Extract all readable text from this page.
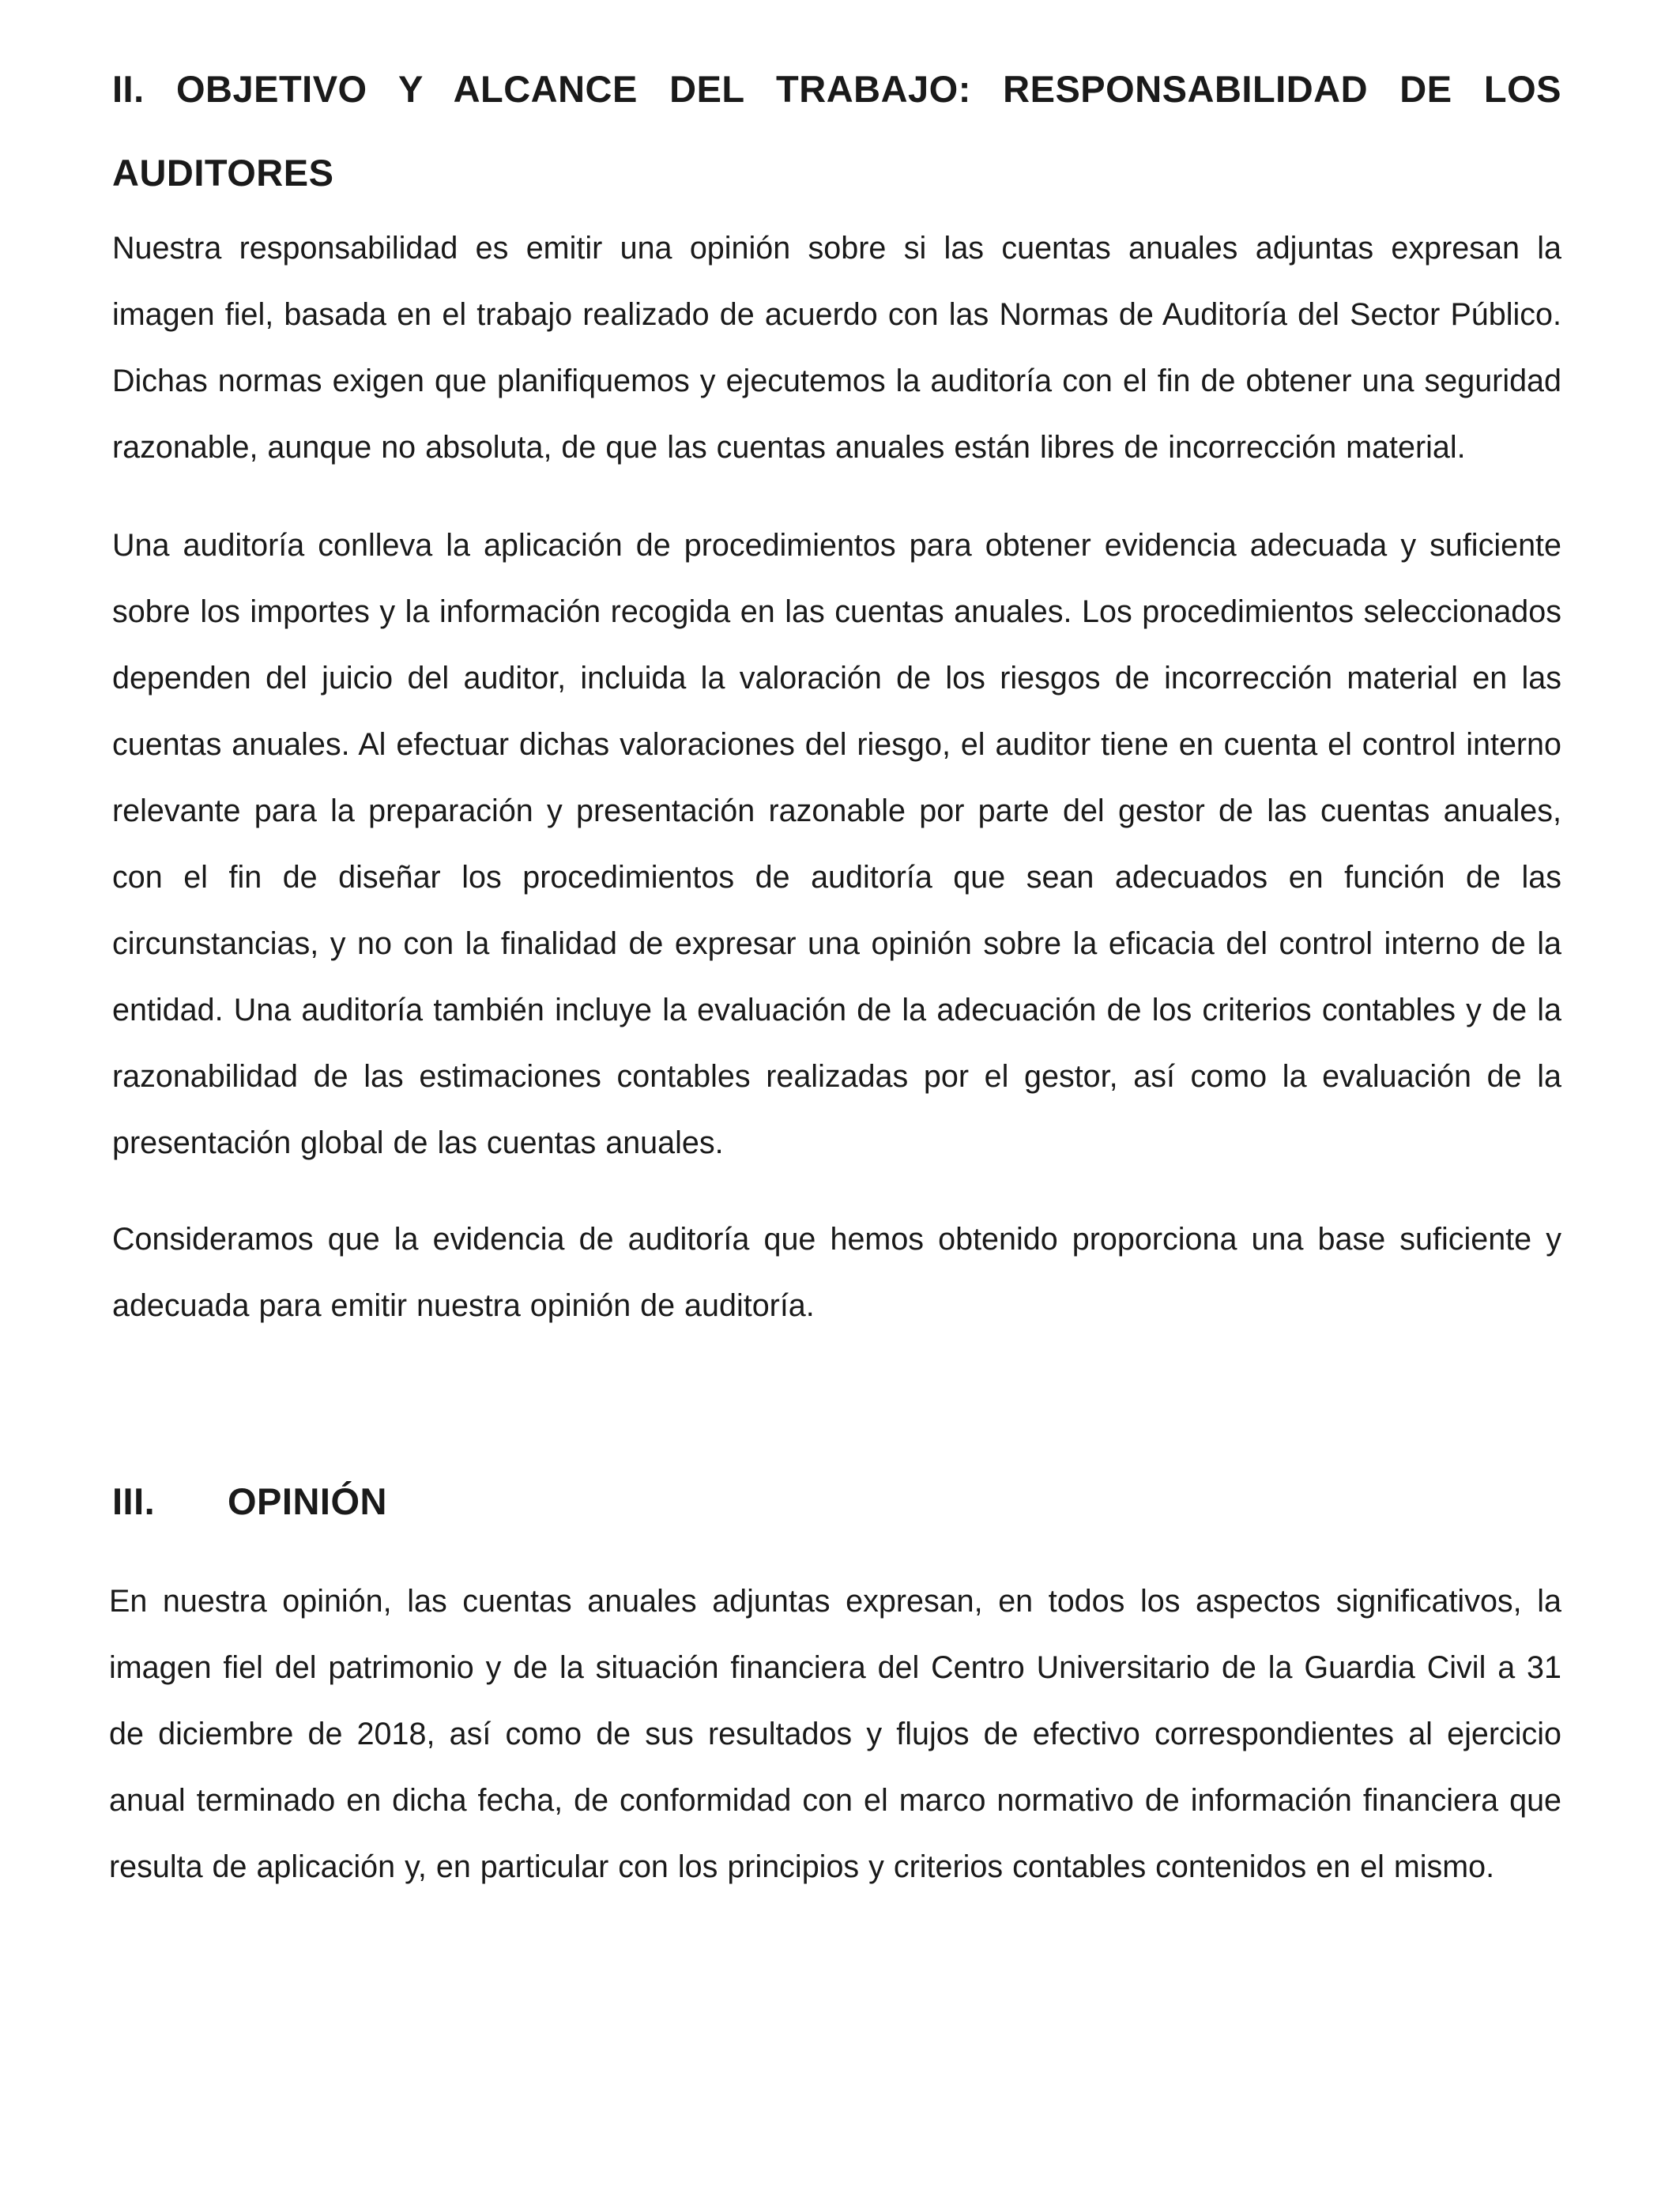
II. OBJETIVO Y ALCANCE DEL TRABAJO: RESPONSABILIDAD DE LOS AUDITORES

Nuestra responsabilidad es emitir una opinión sobre si las cuentas anuales adjuntas expresan la imagen fiel, basada en el trabajo realizado de acuerdo con las Normas de Auditoría del Sector Público. Dichas normas exigen que planifiquemos y ejecutemos la auditoría con el fin de obtener una seguridad razonable, aunque no absoluta, de que las cuentas anuales están libres de incorrección material.

Una auditoría conlleva la aplicación de procedimientos para obtener evidencia adecuada y suficiente sobre los importes y la información recogida en las cuentas anuales. Los procedimientos seleccionados dependen del juicio del auditor, incluida la valoración de los riesgos de incorrección material en las cuentas anuales. Al efectuar dichas valoraciones del riesgo, el auditor tiene en cuenta el control interno relevante para la preparación y presentación razonable por parte del gestor de las cuentas anuales, con el fin de diseñar los procedimientos de auditoría que sean adecuados en función de las circunstancias, y no con la finalidad de expresar una opinión sobre la eficacia del control interno de la entidad. Una auditoría también incluye la evaluación de la adecuación de los criterios contables y de la razonabilidad de las estimaciones contables realizadas por el gestor, así como la evaluación de la presentación global de las cuentas anuales.

Consideramos que la evidencia de auditoría que hemos obtenido proporciona una base suficiente y adecuada para emitir nuestra opinión de auditoría.

III. OPINIÓN

En nuestra opinión, las cuentas anuales adjuntas expresan, en todos los aspectos significativos, la imagen fiel del patrimonio y de la situación financiera del Centro Universitario de la Guardia Civil a 31 de diciembre de 2018, así como de sus resultados y flujos de efectivo correspondientes al ejercicio anual terminado en dicha fecha, de conformidad con el marco normativo de información financiera que resulta de aplicación y, en particular con los principios y criterios contables contenidos en el mismo.
